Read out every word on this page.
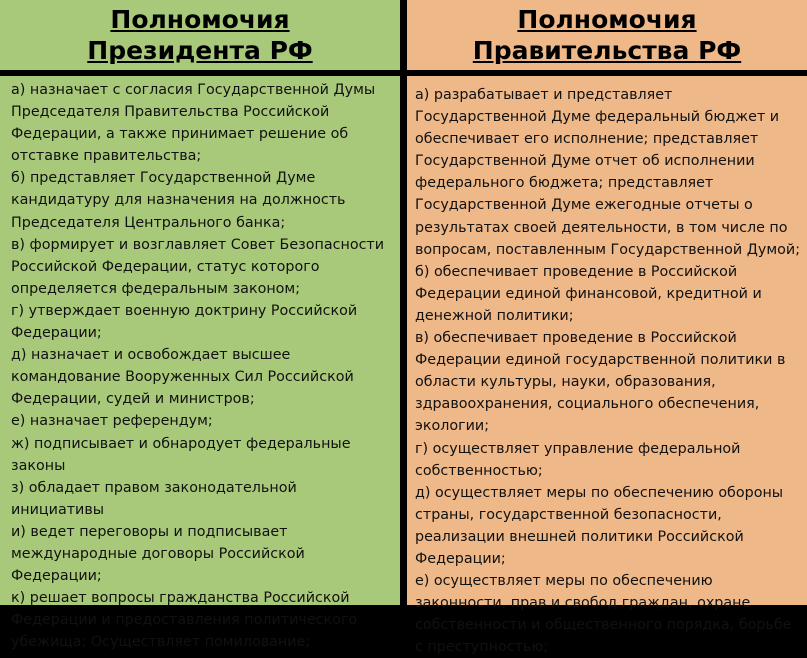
Полномочия
Президента РФ
Полномочия
Правительства РФ
а) назначает с согласия Государственной Думы Председателя Правительства Российской Федерации, а также принимает решение об отставке правительства;
б) представляет Государственной Думе кандидатуру для назначения на должность Председателя Центрального банка;
в) формирует и возглавляет Совет Безопасности Российской Федерации, статус которого определяется федеральным законом;
г) утверждает военную доктрину Российской Федерации;
д) назначает и освобождает высшее командование Вооруженных Сил Российской Федерации, судей и министров;
е) назначает референдум;
ж) подписывает и обнародует федеральные законы
з) обладает правом законодательной инициативы
и) ведет переговоры и подписывает международные договоры Российской Федерации;
к) решает вопросы гражданства Российской Федерации и предоставления политического убежища; Осуществляет помилование;
а) разрабатывает и представляет Государственной Думе федеральный бюджет и обеспечивает его исполнение; представляет Государственной Думе отчет об исполнении федерального бюджета; представляет Государственной Думе ежегодные отчеты о результатах своей деятельности, в том числе по вопросам, поставленным Государственной Думой;
б) обеспечивает проведение в Российской Федерации единой финансовой, кредитной и денежной политики;
в) обеспечивает проведение в Российской Федерации единой государственной политики в области культуры, науки, образования, здравоохранения, социального обеспечения, экологии;
г) осуществляет управление федеральной собственностью;
д) осуществляет меры по обеспечению обороны страны, государственной безопасности, реализации внешней политики Российской Федерации;
е) осуществляет меры по обеспечению законности, прав и свобод граждан, охране собственности и общественного порядка, борьбе с преступностью;
